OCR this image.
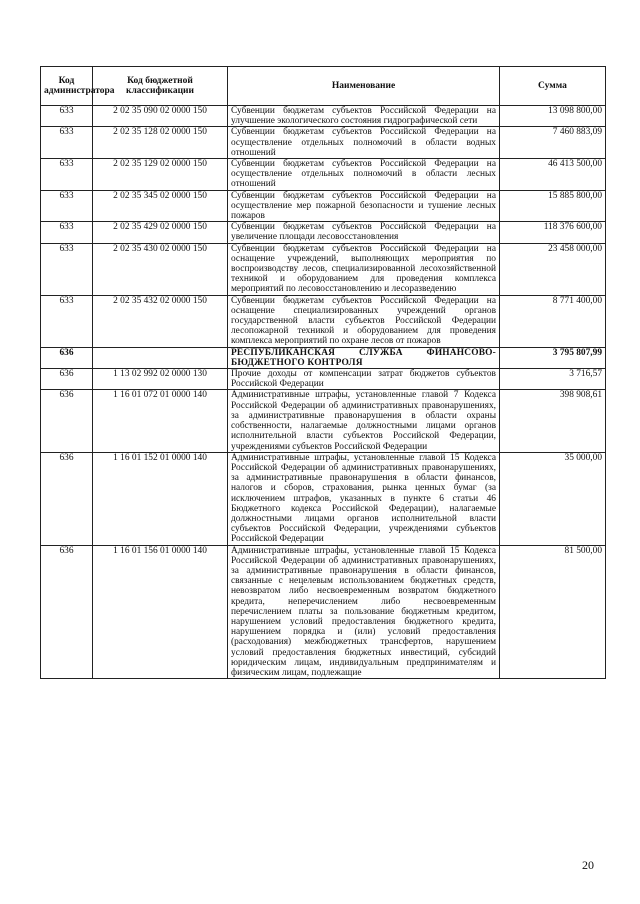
Код администратора	Код бюджетной классификации	Наименование	Сумма
633	2 02 35 090 02 0000 150	Субвенции бюджетам субъектов Российской Федерации на улучшение экологического состояния гидрографической сети	13 098 800,00
633	2 02 35 128 02 0000 150	Субвенции бюджетам субъектов Российской Федерации на осуществление отдельных полномочий в области водных отношений	7 460 883,09
633	2 02 35 129 02 0000 150	Субвенции бюджетам субъектов Российской Федерации на осуществление отдельных полномочий в области лесных отношений	46 413 500,00
633	2 02 35 345 02 0000 150	Субвенции бюджетам субъектов Российской Федерации на осуществление мер пожарной безопасности и тушение лесных пожаров	15 885 800,00
633	2 02 35 429 02 0000 150	Субвенции бюджетам субъектов Российской Федерации на увеличение площади лесовосстановления	118 376 600,00
633	2 02 35 430 02 0000 150	Субвенции бюджетам субъектов Российской Федерации на оснащение учреждений, выполняющих мероприятия по воспроизводству лесов, специализированной лесохозяйственной техникой и оборудованием для проведения комплекса мероприятий по лесовосстановлению и лесоразведению	23 458 000,00
633	2 02 35 432 02 0000 150	Субвенции бюджетам субъектов Российской Федерации на оснащение специализированных учреждений органов государственной власти субъектов Российской Федерации лесопожарной техникой и оборудованием для проведения комплекса мероприятий по охране лесов от пожаров	8 771 400,00
636		РЕСПУБЛИКАНСКАЯ СЛУЖБА ФИНАНСОВО-БЮДЖЕТНОГО КОНТРОЛЯ	3 795 807,99
636	1 13 02 992 02 0000 130	Прочие доходы от компенсации затрат бюджетов субъектов Российской Федерации	3 716,57
636	1 16 01 072 01 0000 140	Административные штрафы, установленные главой 7 Кодекса Российской Федерации об административных правонарушениях, за административные правонарушения в области охраны собственности, налагаемые должностными лицами органов исполнительной власти субъектов Российской Федерации, учреждениями субъектов Российской Федерации	398 908,61
636	1 16 01 152 01 0000 140	Административные штрафы, установленные главой 15 Кодекса Российской Федерации об административных правонарушениях, за административные правонарушения в области финансов, налогов и сборов, страхования, рынка ценных бумаг (за исключением штрафов, указанных в пункте 6 статьи 46 Бюджетного кодекса Российской Федерации), налагаемые должностными лицами органов исполнительной власти субъектов Российской Федерации, учреждениями субъектов Российской Федерации	35 000,00
636	1 16 01 156 01 0000 140	Административные штрафы, установленные главой 15 Кодекса Российской Федерации об административных правонарушениях, за административные правонарушения в области финансов, связанные с нецелевым использованием бюджетных средств, невозвратом либо несвоевременным возвратом бюджетного кредита, неперечислением либо несвоевременным перечислением платы за пользование бюджетным кредитом, нарушением условий предоставления бюджетного кредита, нарушением порядка и (или) условий предоставления (расходования) межбюджетных трансфертов, нарушением условий предоставления бюджетных инвестиций, субсидий юридическим лицам, индивидуальным предпринимателям и физическим лицам, подлежащие	81 500,00
20
